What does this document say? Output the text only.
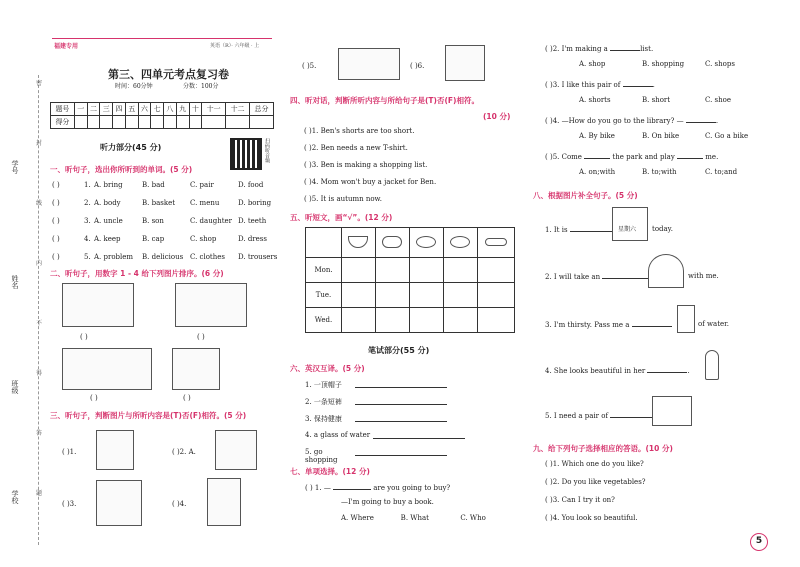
学号
姓名
班级
学校
密
封
线
内
不
得
答
题
福建专用	英语（R）· 六年级 · 上
第三、四单元考点复习卷
时间：60分钟	分数：100分
题号	一	二	三	四	五	六	七	八	九	十	十一	十二	总分
得分													
听力部分(45 分)	扫码听音频
一、听句子，选出你所听到的单词。(5 分)
( )	1. A. bring	B. bad	C. pair	D. food
( )	2. A. body	B. basket	C. menu	D. boring
( )	3. A. uncle	B. son	C. daughter D. teeth
( )	4. A. keep	B. cap	C. shop	D. dress
( )	5. A. problem	B. delicious C. clothes	D. trousers
二、听句子，用数字 1 - 4 给下列图片排序。(6 分)
( )	( )
( )	( )
三、听句子，判断图片与所听内容是(T)否(F)相符。(5 分)
( )1.	( )2. A.
( )3.	( )4.
( )5.	( )6.
四、听对话，判断所听内容与所给句子是(T)否(F)相符。
(10 分)
( )1. Ben's shorts are too short.
( )2. Ben needs a new T-shirt.
( )3. Ben is making a shopping list.
( )4. Mom won't buy a jacket for Ben.
( )5. It is autumn now.
五、听短文，画“√”。(12 分)

Mon.					
Tue.					
Wed.					
笔试部分(55 分)
六、英汉互译。(5 分)
1. 一顶帽子
2. 一条短裤
3. 保持健康
4. a glass of water
5. go shopping
七、单项选择。(12 分)
( ) 1. —	are you going to buy?
—I'm going to buy a book.
A. Where	B. What	C. Who
( )2. I'm making a	list.
A. shop	B. shopping	C. shops
( )3. I like this pair of	.
A. shorts	B. short	C. shoe
( )4. —How do you go to the library? —	.
A. By bike	B. On bike	C. Go a bike
( )5. Come	the park and play	me.
A. on;with	B. to;with	C. to;and
八、根据图片补全句子。(5 分)
1. It is	星期六 today.
2. I will take an	with me.
3. I'm thirsty. Pass me a	of water.
4. She looks beautiful in her	.
5. I need a pair of
九、给下列句子选择相应的答语。(10 分)
( )1. Which one do you like?
( )2. Do you like vegetables?
( )3. Can I try it on?
( )4. You look so beautiful.
5
